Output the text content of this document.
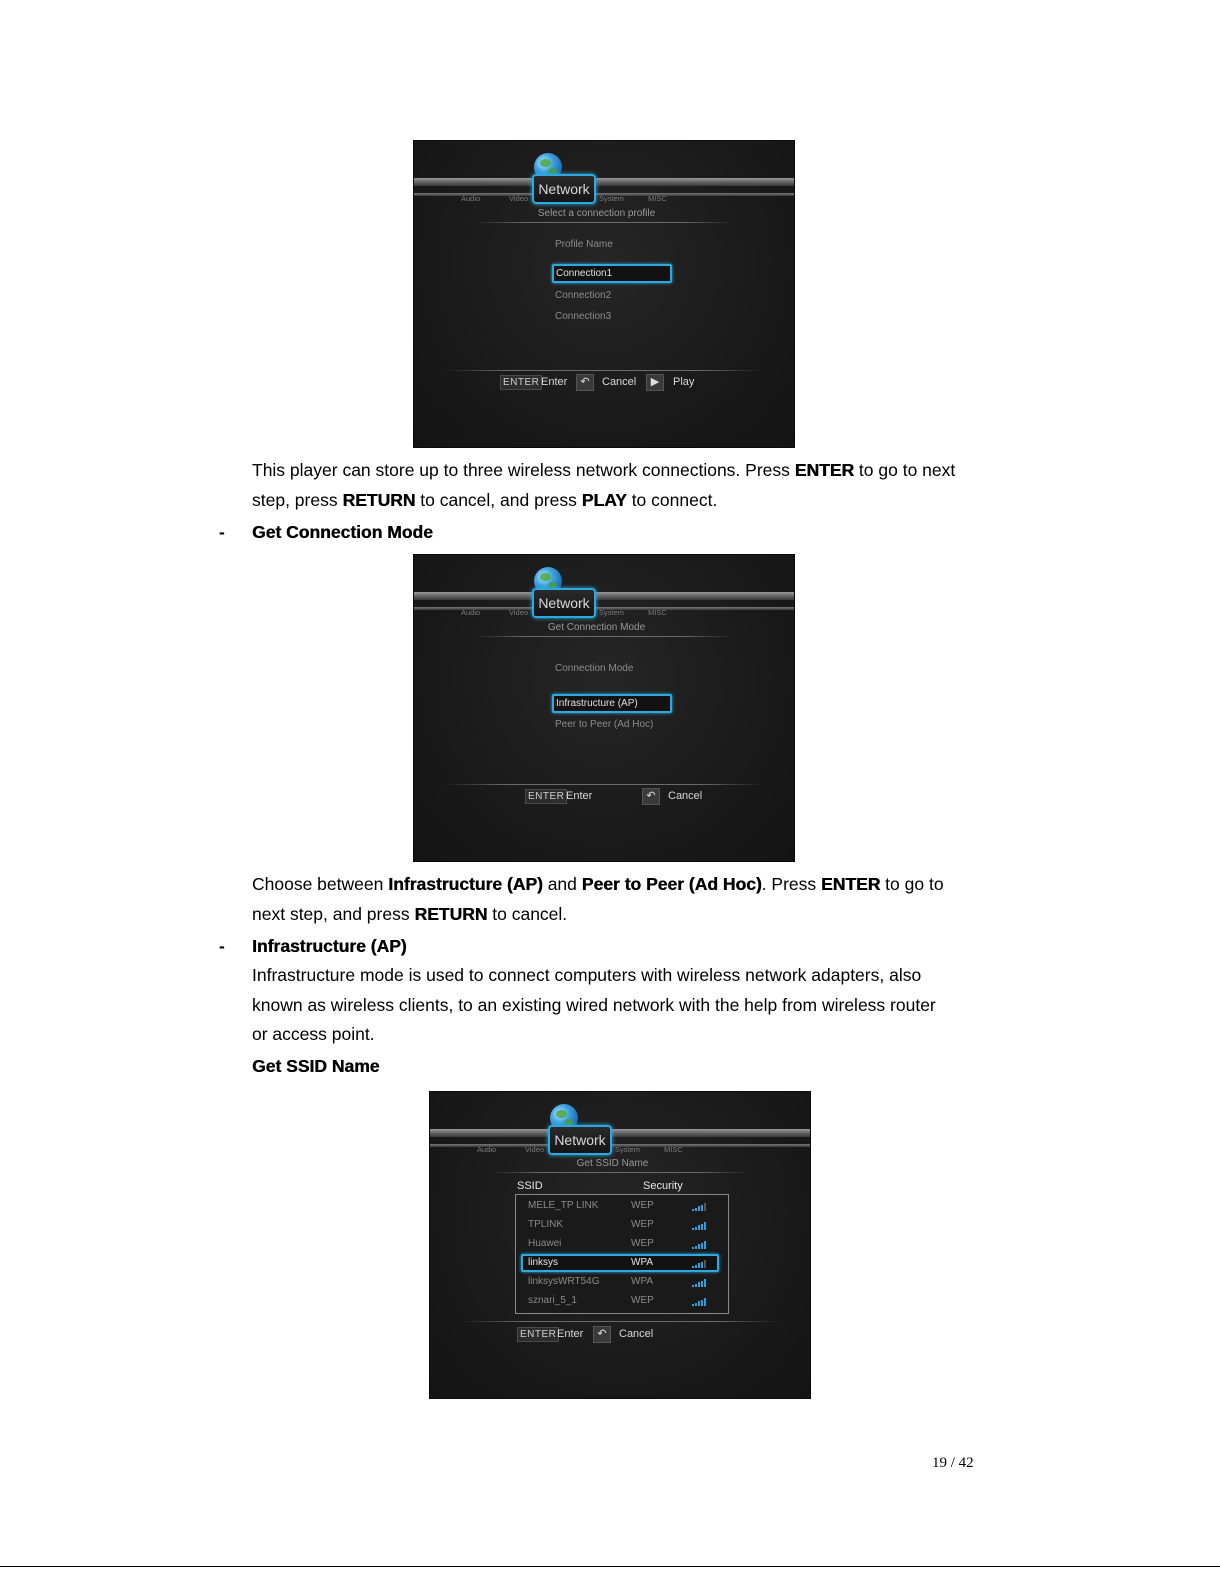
Audio	Video	System	MISC
Network
Select a connection profile
Profile Name
Connection1
Connection2
Connection3
ENTER Enter	↶	Cancel	▶	Play
This player can store up to three wireless network connections. Press ENTER to go to next
step, press RETURN to cancel, and press PLAY to connect.
- Get Connection Mode
Audio	Video	System	MISC
Network
Get Connection Mode
Connection Mode
Infrastructure (AP)
Peer to Peer (Ad Hoc)
ENTER Enter	↶	Cancel
Choose between Infrastructure (AP) and Peer to Peer (Ad Hoc). Press ENTER to go to
next step, and press RETURN to cancel.
- Infrastructure (AP)
Infrastructure mode is used to connect computers with wireless network adapters, also
known as wireless clients, to an existing wired network with the help from wireless router
or access point.
Get SSID Name
Audio	Video	System	MISC
Network
Get SSID Name
SSID	Security
MELE_TP LINK	WEP
TPLINK	WEP
Huawei	WEP
linksys	WPA
linksysWRT54G	WPA
sznari_5_1	WEP
ENTER Enter	↶	Cancel
19 / 42
